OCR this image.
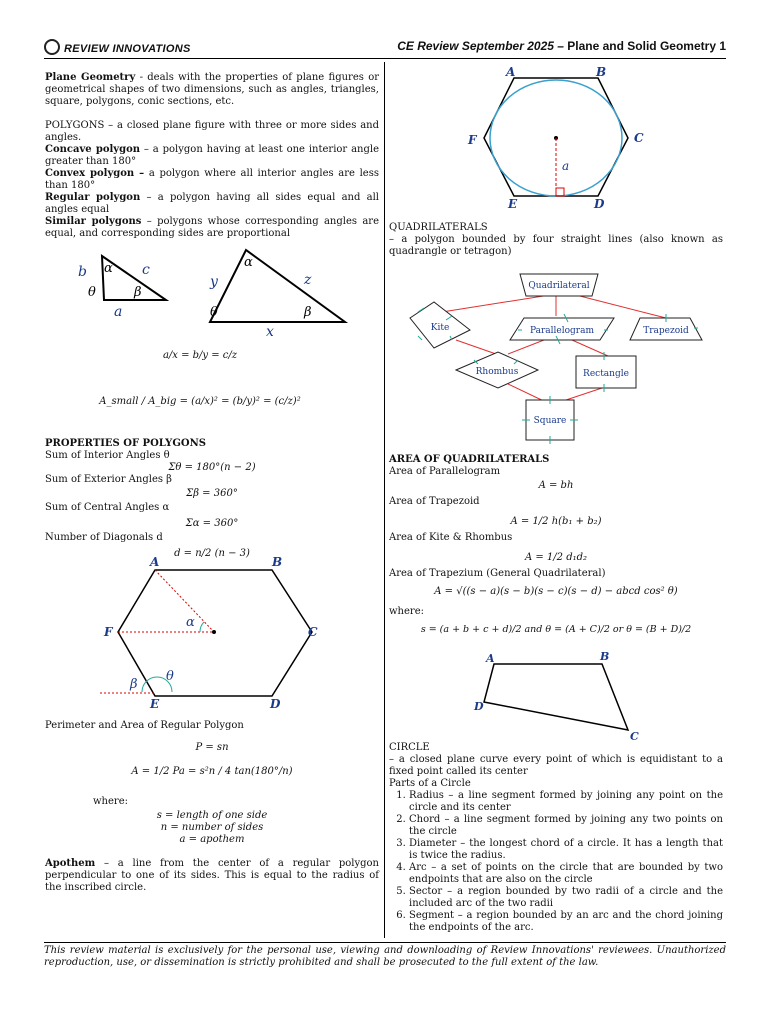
REVIEW INNOVATIONS	CE Review September 2025 – Plane and Solid Geometry 1

Plane Geometry - deals with the properties of plane figures or geometrical shapes of two dimensions, such as angles, triangles, square, polygons, conic sections, etc.

POLYGONS – a closed plane figure with three or more sides and angles.

Concave polygon – a polygon having at least one interior angle greater than 180°

Convex polygon – a polygon where all interior angles are less than 180°

Regular polygon – a polygon having all sides equal and all angles equal

Similar polygons – polygons whose corresponding angles are equal, and corresponding sides are proportional

b	c
a
y	z
x
α
θ	β
α
θ	β
a/x = b/y = c/z
A_small / A_big = (a/x)² = (b/y)² = (c/z)²

PROPERTIES OF POLYGONS

Sum of Interior Angles θ

Σθ = 180°(n − 2)

Sum of Exterior Angles β

Σβ = 360°

Sum of Central Angles α

Σα = 360°

Number of Diagonals d

d = n/2 (n − 3)

A	B
C
D
E
F
α
θ
β

Perimeter and Area of Regular Polygon

P = sn

A = 1/2 Pa = s²n / 4 tan(180°/n)

where:

s = length of one side

n = number of sides

a = apothem

Apothem – a line from the center of a regular polygon perpendicular to one of its sides. This is equal to the radius of the inscribed circle.

A	B
C
D
E
F
a

QUADRILATERALS

– a polygon bounded by four straight lines (also known as quadrangle or tetragon)

Quadrilateral
Kite	Parallelogram	Trapezoid
Rhombus	Rectangle
Square

AREA OF QUADRILATERALS

Area of Parallelogram

A = bh

Area of Trapezoid

A = 1/2 h(b₁ + b₂)

Area of Kite & Rhombus

A = 1/2 d₁d₂

Area of Trapezium (General Quadrilateral)

A = √((s − a)(s − b)(s − c)(s − d) − abcd cos² θ)

where:

s = (a + b + c + d)/2 and θ = (A + C)/2 or θ = (B + D)/2

A	B
C
D

CIRCLE

– a closed plane curve every point of which is equidistant to a fixed point called its center

Parts of a Circle

1. Radius – a line segment formed by joining any point on the circle and its center
2. Chord – a line segment formed by joining any two points on the circle
3. Diameter – the longest chord of a circle. It has a length that is twice the radius.
4. Arc – a set of points on the circle that are bounded by two endpoints that are also on the circle
5. Sector – a region bounded by two radii of a circle and the included arc of the two radii
6. Segment – a region bounded by an arc and the chord joining the endpoints of the arc.
This review material is exclusively for the personal use, viewing and downloading of Review Innovations' reviewees. Unauthorized reproduction, use, or dissemination is strictly prohibited and shall be prosecuted to the full extent of the law.
